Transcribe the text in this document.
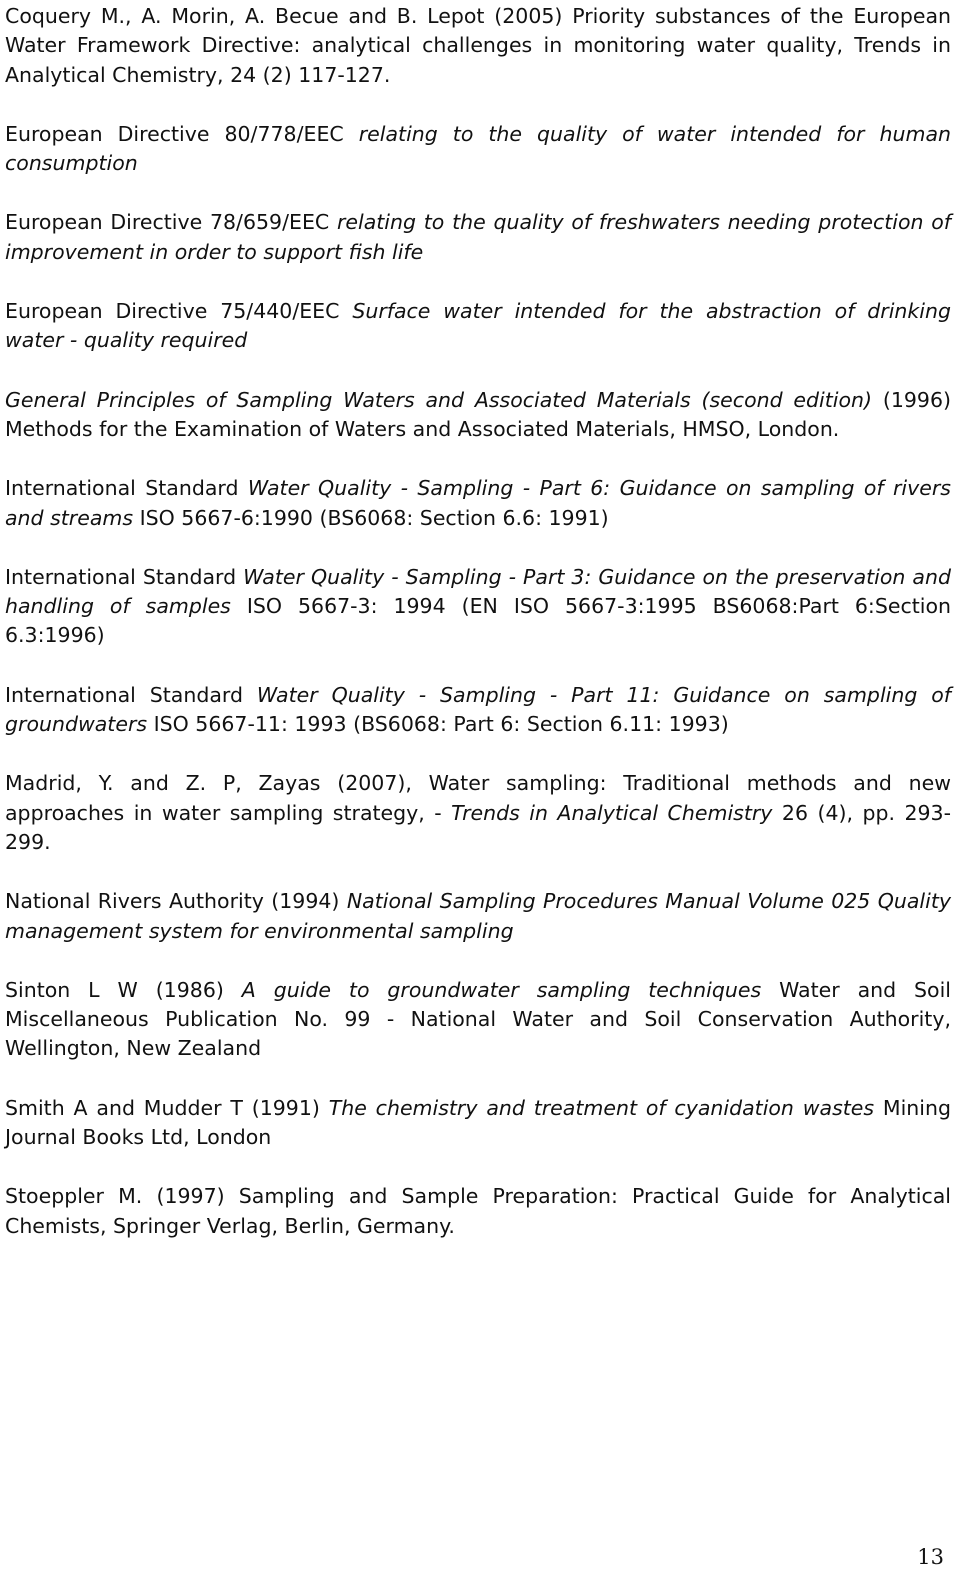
Coquery M., A. Morin, A. Becue and B. Lepot (2005) Priority substances of the European Water Framework Directive: analytical challenges in monitoring water quality, Trends in Analytical Chemistry, 24 (2) 117-127.

European Directive 80/778/EEC relating to the quality of water intended for human consumption

European Directive 78/659/EEC relating to the quality of freshwaters needing protection of improvement in order to support fish life

European Directive 75/440/EEC Surface water intended for the abstraction of drinking water - quality required

General Principles of Sampling Waters and Associated Materials (second edition) (1996) Methods for the Examination of Waters and Associated Materials, HMSO, London.

International Standard Water Quality - Sampling - Part 6: Guidance on sampling of rivers and streams ISO 5667-6:1990 (BS6068: Section 6.6: 1991)

International Standard Water Quality - Sampling - Part 3: Guidance on the preservation and handling of samples ISO 5667-3: 1994 (EN ISO 5667-3:1995 BS6068:Part 6:Section 6.3:1996)

International Standard Water Quality - Sampling - Part 11: Guidance on sampling of groundwaters ISO 5667-11: 1993 (BS6068: Part 6: Section 6.11: 1993)

Madrid, Y. and Z. P, Zayas (2007), Water sampling: Traditional methods and new approaches in water sampling strategy, - Trends in Analytical Chemistry 26 (4), pp. 293-299.

National Rivers Authority (1994) National Sampling Procedures Manual Volume 025 Quality management system for environmental sampling

Sinton L W (1986) A guide to groundwater sampling techniques Water and Soil Miscellaneous Publication No. 99 - National Water and Soil Conservation Authority, Wellington, New Zealand

Smith A and Mudder T (1991) The chemistry and treatment of cyanidation wastes Mining Journal Books Ltd, London

Stoeppler M. (1997) Sampling and Sample Preparation: Practical Guide for Analytical Chemists, Springer Verlag, Berlin, Germany.

13
